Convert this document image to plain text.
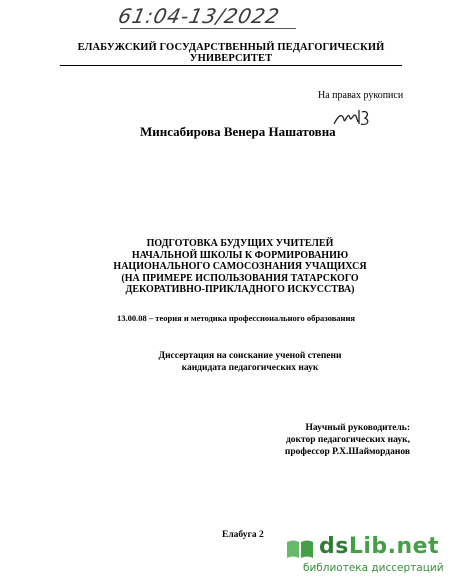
61:04-13/2022
ЕЛАБУЖСКИЙ ГОСУДАРСТВЕННЫЙ ПЕДАГОГИЧЕСКИЙ УНИВЕРСИТЕТ
На правах рукописи
Минсабирова Венера Нашатовна
ПОДГОТОВКА БУДУЩИХ УЧИТЕЛЕЙ
НАЧАЛЬНОЙ ШКОЛЫ К ФОРМИРОВАНИЮ
НАЦИОНАЛЬНОГО САМОСОЗНАНИЯ УЧАЩИХСЯ
(НА ПРИМЕРЕ ИСПОЛЬЗОВАНИЯ ТАТАРСКОГО
ДЕКОРАТИВНО-ПРИКЛАДНОГО ИСКУССТВА)
13.00.08 – теория и методика профессионального образования
Диссертация на соискание ученой степени
кандидата педагогических наук
Научный руководитель:
доктор педагогических наук,
профессор Р.Х.Шайморданов
Елабуга 2	dsLib.net
библиотека диссертаций
